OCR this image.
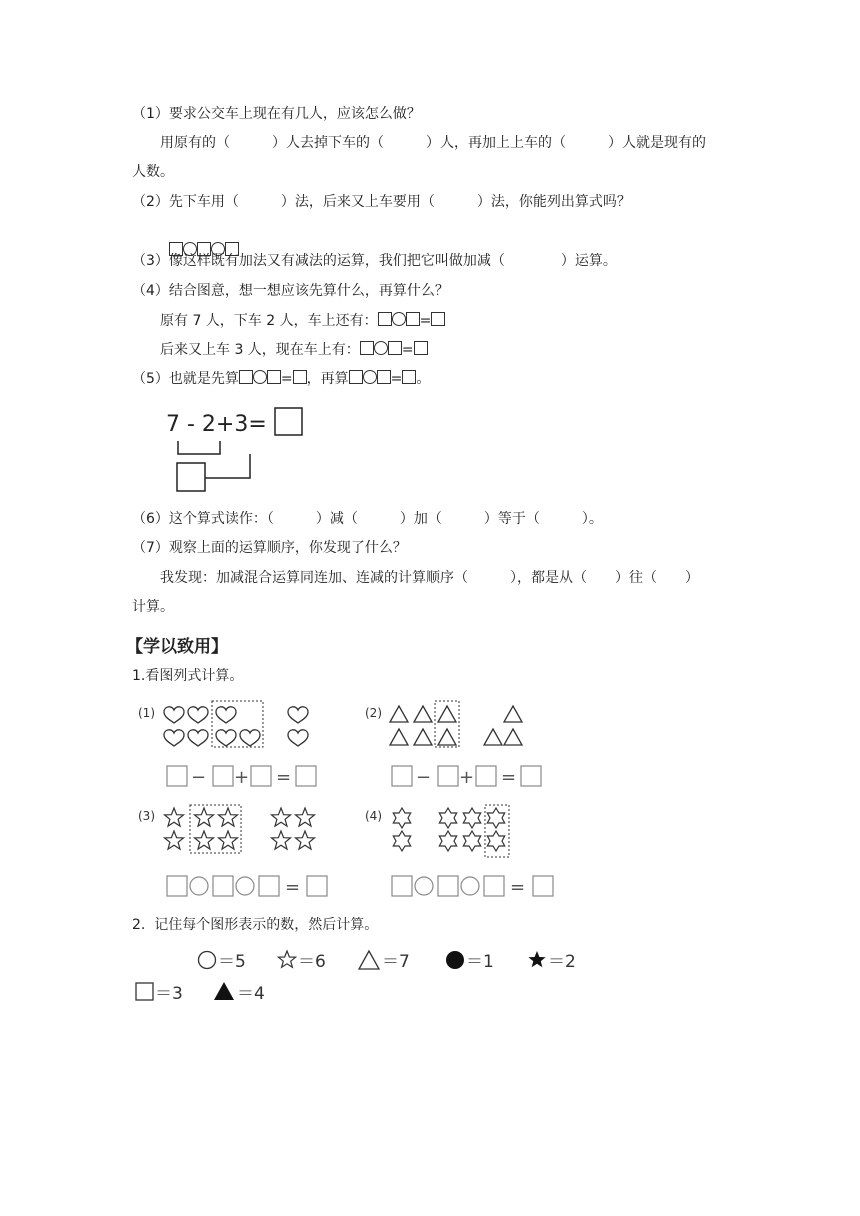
（1）要求公交车上现在有几人，应该怎么做？
用原有的（　　　）人去掉下车的（　　　）人，再加上上车的（　　　）人就是现有的
人数。
（2）先下车用（　　　）法，后来又上车要用（　　　）法，你能列出算式吗？

（3）像这样既有加法又有减法的运算，我们把它叫做加减（　　　　）运算。
（4）结合图意，想一想应该先算什么，再算什么？
原有 7 人，下车 2 人，车上还有：	=
后来又上车 3 人，现在车上有：	=
（5）也就是先算	= ，再算	= 。
7 - 2+3=
（6）这个算式读作：（　　　）减（　　　）加（　　　）等于（　　　）。
（7）观察上面的运算顺序，你发现了什么？
我发现：加减混合运算同连加、连减的计算顺序（　　　），都是从（　　）往（　　）
计算。
【学以致用】
1.看图列式计算。
(1)
− + =
(2)
− + =
(3)
=
(4)
=
2.  记住每个图形表示的数，然后计算。
＝5	＝6	＝7	＝1	＝2
＝3	＝4
